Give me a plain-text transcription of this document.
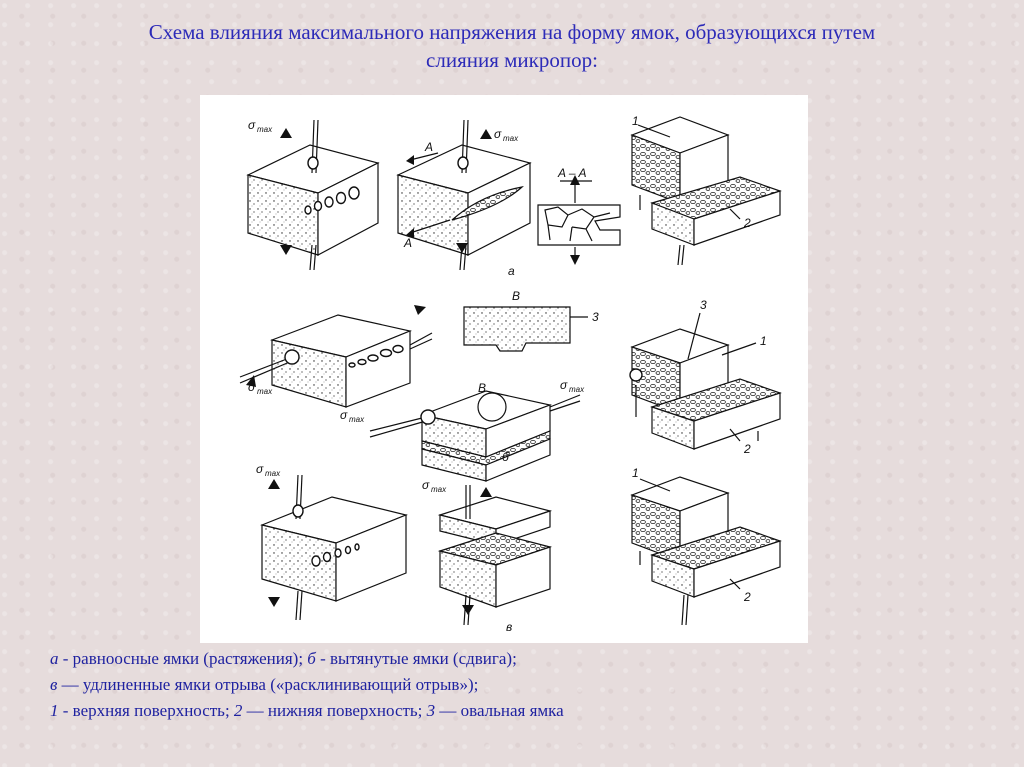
Схема влияния максимального напряжения на форму ямок, образующихся путем
слияния микропор:
σ max
A
A
σ max
A – A
а
1
2
σ max
B
3
B
σ max
σ max
б
3
1
2
σ max
σ max
в
1
2
а - равноосные ямки (растяжения); б - вытянутые ямки (сдвига);
в — удлиненные ямки отрыва («расклинивающий отрыв»);
1 - верхняя поверхность; 2 — нижняя поверхность; 3 — овальная ямка
